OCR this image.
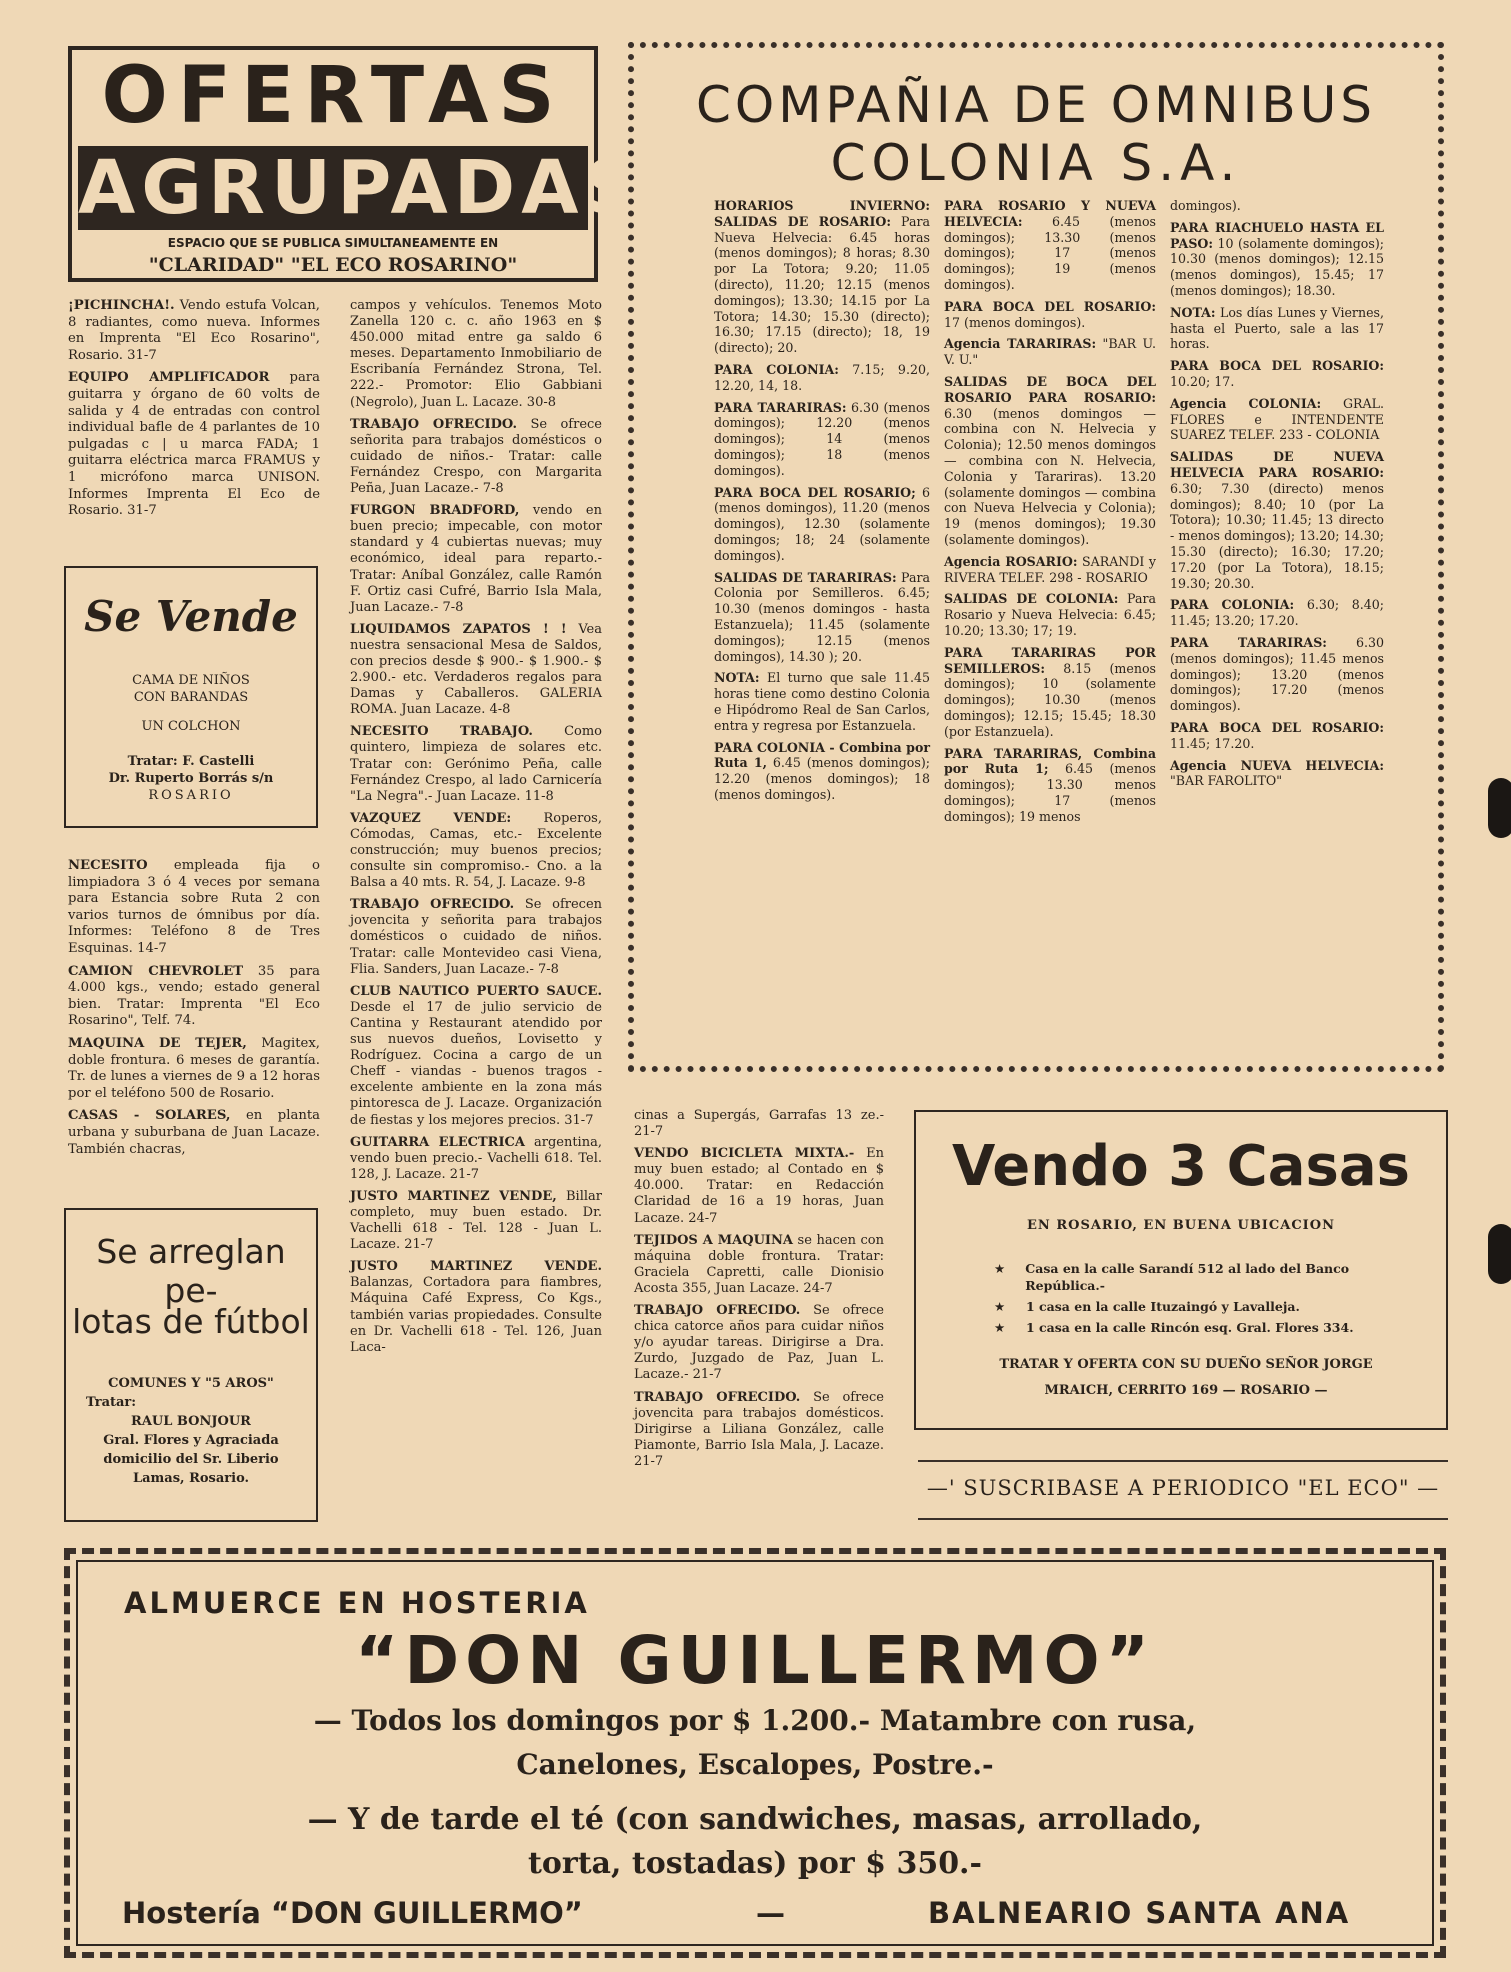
OFERTAS
AGRUPADAS
ESPACIO QUE SE PUBLICA SIMULTANEAMENTE EN
"CLARIDAD" "EL ECO ROSARINO"

¡PICHINCHA!. Vendo estufa Volcan, 8 radiantes, como nueva. Informes en Imprenta "El Eco Rosarino", Rosario. 31-7

EQUIPO AMPLIFICADOR para guitarra y órgano de 60 volts de salida y 4 de entradas con control individual bafle de 4 parlantes de 10 pulgadas c | u marca FADA; 1 guitarra eléctrica marca FRAMUS y 1 micrófono marca UNISON. Informes Imprenta El Eco de Rosario. 31-7

Se Vende
CAMA DE NIÑOS
CON BARANDAS
UN COLCHON
Tratar: F. Castelli
Dr. Ruperto Borrás s/n
ROSARIO

NECESITO empleada fija o limpiadora 3 ó 4 veces por semana para Estancia sobre Ruta 2 con varios turnos de ómnibus por día. Informes: Teléfono 8 de Tres Esquinas. 14-7

CAMION CHEVROLET 35 para 4.000 kgs., vendo; estado general bien. Tratar: Imprenta "El Eco Rosarino", Telf. 74.

MAQUINA DE TEJER, Magitex, doble frontura. 6 meses de garantía. Tr. de lunes a viernes de 9 a 12 horas por el teléfono 500 de Rosario.

CASAS - SOLARES, en planta urbana y suburbana de Juan Lacaze. También chacras,

Se arreglan pe-
lotas de fútbol
COMUNES Y "5 AROS"
Tratar:
RAUL BONJOUR
Gral. Flores y Agraciada
domicilio del Sr. Liberio
Lamas, Rosario.

campos y vehículos. Tenemos Moto Zanella 120 c. c. año 1963 en $ 450.000 mitad entre ga saldo 6 meses. Departamento Inmobiliario de Escribanía Fernández Strona, Tel. 222.- Promotor: Elio Gabbiani (Negrolo), Juan L. Lacaze. 30-8

TRABAJO OFRECIDO. Se ofrece señorita para trabajos domésticos o cuidado de niños.- Tratar: calle Fernández Crespo, con Margarita Peña, Juan Lacaze.- 7-8

FURGON BRADFORD, vendo en buen precio; impecable, con motor standard y 4 cubiertas nuevas; muy económico, ideal para reparto.- Tratar: Aníbal González, calle Ramón F. Ortiz casi Cufré, Barrio Isla Mala, Juan Lacaze.- 7-8

LIQUIDAMOS ZAPATOS ! ! Vea nuestra sensacional Mesa de Saldos, con precios desde $ 900.- $ 1.900.- $ 2.900.- etc. Verdaderos regalos para Damas y Caballeros. GALERIA ROMA. Juan Lacaze. 4-8

NECESITO TRABAJO. Como quintero, limpieza de solares etc. Tratar con: Gerónimo Peña, calle Fernández Crespo, al lado Carnicería "La Negra".- Juan Lacaze. 11-8

VAZQUEZ VENDE: Roperos, Cómodas, Camas, etc.- Excelente construcción; muy buenos precios; consulte sin compromiso.- Cno. a la Balsa a 40 mts. R. 54, J. Lacaze. 9-8

TRABAJO OFRECIDO. Se ofrecen jovencita y señorita para trabajos domésticos o cuidado de niños. Tratar: calle Montevideo casi Viena, Flia. Sanders, Juan Lacaze.- 7-8

CLUB NAUTICO PUERTO SAUCE. Desde el 17 de julio servicio de Cantina y Restaurant atendido por sus nuevos dueños, Lovisetto y Rodríguez. Cocina a cargo de un Cheff - viandas - buenos tragos - excelente ambiente en la zona más pintoresca de J. Lacaze. Organización de fiestas y los mejores precios. 31-7

GUITARRA ELECTRICA argentina, vendo buen precio.- Vachelli 618. Tel. 128, J. Lacaze. 21-7

JUSTO MARTINEZ VENDE, Billar completo, muy buen estado. Dr. Vachelli 618 - Tel. 128 - Juan L. Lacaze. 21-7

JUSTO MARTINEZ VENDE. Balanzas, Cortadora para fiambres, Máquina Café Express, Co Kgs., también varias propiedades. Consulte en Dr. Vachelli 618 - Tel. 126, Juan Laca-

COMPAÑIA DE OMNIBUS
COLONIA S.A.

HORARIOS INVIERNO: SALIDAS DE ROSARIO: Para Nueva Helvecia: 6.45 horas (menos domingos); 8 horas; 8.30 por La Totora; 9.20; 11.05 (directo), 11.20; 12.15 (menos domingos); 13.30; 14.15 por La Totora; 14.30; 15.30 (directo); 16.30; 17.15 (directo); 18, 19 (directo); 20.

PARA COLONIA: 7.15; 9.20, 12.20, 14, 18.

PARA TARARIRAS: 6.30 (menos domingos); 12.20 (menos domingos); 14 (menos domingos); 18 (menos domingos).

PARA BOCA DEL ROSARIO; 6 (menos domingos), 11.20 (menos domingos), 12.30 (solamente domingos; 18; 24 (solamente domingos).

SALIDAS DE TARARIRAS: Para Colonia por Semilleros. 6.45; 10.30 (menos domingos - hasta Estanzuela); 11.45 (solamente domingos); 12.15 (menos domingos), 14.30 ); 20.

NOTA: El turno que sale 11.45 horas tiene como destino Colonia e Hipódromo Real de San Carlos, entra y regresa por Estanzuela.

PARA COLONIA - Combina por Ruta 1, 6.45 (menos domingos); 12.20 (menos domingos); 18 (menos domingos).

PARA ROSARIO Y NUEVA HELVECIA: 6.45 (menos domingos); 13.30 (menos domingos); 17 (menos domingos); 19 (menos domingos).

PARA BOCA DEL ROSARIO: 17 (menos domingos).

Agencia TARARIRAS: "BAR U. V. U."

SALIDAS DE BOCA DEL ROSARIO PARA ROSARIO: 6.30 (menos domingos — combina con N. Helvecia y Colonia); 12.50 menos domingos — combina con N. Helvecia, Colonia y Tarariras). 13.20 (solamente domingos — combina con Nueva Helvecia y Colonia); 19 (menos domingos); 19.30 (solamente domingos).

Agencia ROSARIO: SARANDI y RIVERA TELEF. 298 - ROSARIO

SALIDAS DE COLONIA: Para Rosario y Nueva Helvecia: 6.45; 10.20; 13.30; 17; 19.

PARA TARARIRAS POR SEMILLEROS: 8.15 (menos domingos); 10 (solamente domingos); 10.30 (menos domingos); 12.15; 15.45; 18.30 (por Estanzuela).

PARA TARARIRAS, Combina por Ruta 1; 6.45 (menos domingos); 13.30 menos domingos); 17 (menos domingos); 19 menos

domingos).

PARA RIACHUELO HASTA EL PASO: 10 (solamente domingos); 10.30 (menos domingos); 12.15 (menos domingos), 15.45; 17 (menos domingos); 18.30.

NOTA: Los días Lunes y Viernes, hasta el Puerto, sale a las 17 horas.

PARA BOCA DEL ROSARIO: 10.20; 17.

Agencia COLONIA: GRAL. FLORES e INTENDENTE SUAREZ TELEF. 233 - COLONIA

SALIDAS DE NUEVA HELVECIA PARA ROSARIO: 6.30; 7.30 (directo) menos domingos); 8.40; 10 (por La Totora); 10.30; 11.45; 13 directo - menos domingos); 13.20; 14.30; 15.30 (directo); 16.30; 17.20; 17.20 (por La Totora), 18.15; 19.30; 20.30.

PARA COLONIA: 6.30; 8.40; 11.45; 13.20; 17.20.

PARA TARARIRAS: 6.30 (menos domingos); 11.45 menos domingos); 13.20 (menos domingos); 17.20 (menos domingos).

PARA BOCA DEL ROSARIO: 11.45; 17.20.

Agencia NUEVA HELVECIA: "BAR FAROLITO"

cinas a Supergás, Garrafas 13 ze.- 21-7

VENDO BICICLETA MIXTA.- En muy buen estado; al Contado en $ 40.000. Tratar: en Redacción Claridad de 16 a 19 horas, Juan Lacaze. 24-7

TEJIDOS A MAQUINA se hacen con máquina doble frontura. Tratar: Graciela Capretti, calle Dionisio Acosta 355, Juan Lacaze. 24-7

TRABAJO OFRECIDO. Se ofrece chica catorce años para cuidar niños y/o ayudar tareas. Dirigirse a Dra. Zurdo, Juzgado de Paz, Juan L. Lacaze.- 21-7

TRABAJO OFRECIDO. Se ofrece jovencita para trabajos domésticos. Dirigirse a Liliana González, calle Piamonte, Barrio Isla Mala, J. Lacaze. 21-7

Vendo 3 Casas
EN ROSARIO, EN BUENA UBICACION
★	Casa en la calle Sarandí 512 al lado del Banco República.-
★	1 casa en la calle Ituzaingó y Lavalleja.
★	1 casa en la calle Rincón esq. Gral. Flores 334.
TRATAR Y OFERTA CON SU DUEÑO SEÑOR JORGE MRAICH, CERRITO 169 — ROSARIO —
—' SUSCRIBASE A PERIODICO "EL ECO" —
ALMUERCE EN HOSTERIA
“DON GUILLERMO”
— Todos los domingos por $ 1.200.- Matambre con rusa,
Canelones, Escalopes, Postre.-
— Y de tarde el té (con sandwiches, masas, arrollado,
torta, tostadas) por $ 350.-
Hostería “DON GUILLERMO”	—	BALNEARIO SANTA ANA
